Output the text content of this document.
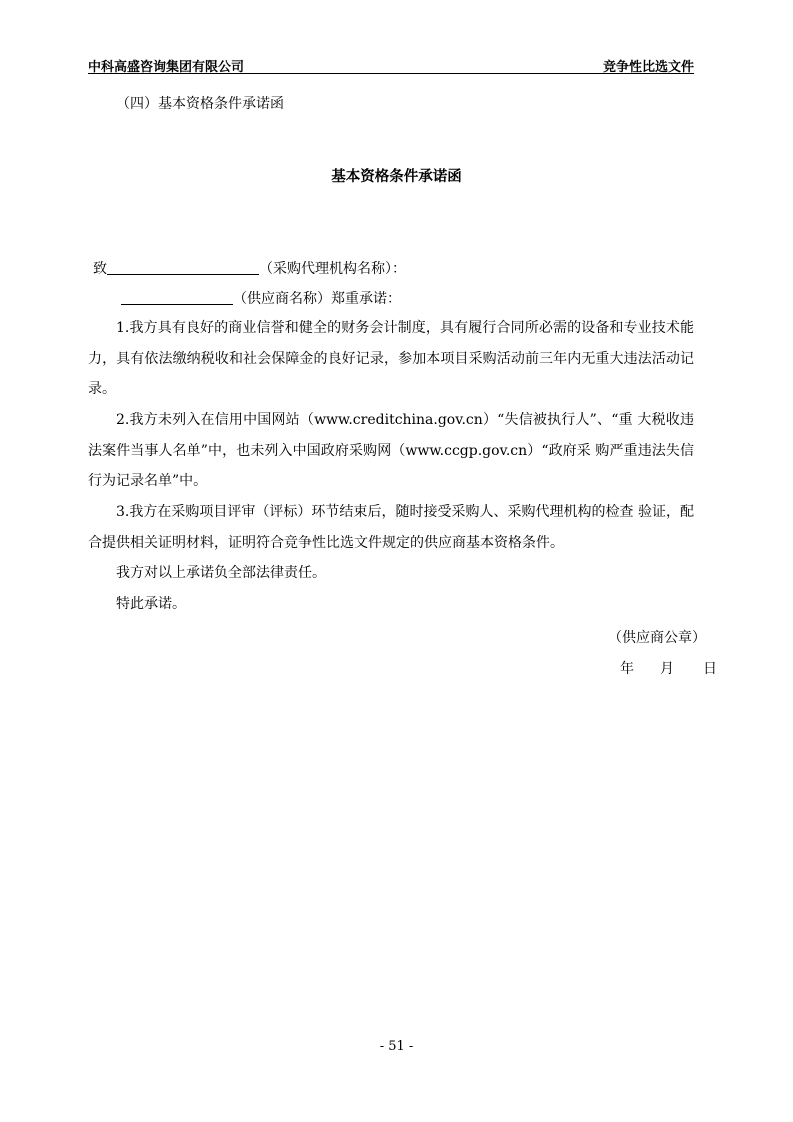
中科高盛咨询集团有限公司	竞争性比选文件
（四）基本资格条件承诺函
基本资格条件承诺函
致	（采购代理机构名称）：
（供应商名称）郑重承诺：
1.我方具有良好的商业信誉和健全的财务会计制度，具有履行合同所必需的设备和专业技术能力，具有依法缴纳税收和社会保障金的良好记录，参加本项目采购活动前三年内无重大违法活动记录。
2.我方未列入在信用中国网站（www.creditchina.gov.cn）“失信被执行人”、“重 大税收违法案件当事人名单”中，也未列入中国政府采购网（www.ccgp.gov.cn）“政府采 购严重违法失信行为记录名单”中。
3.我方在采购项目评审（评标）环节结束后，随时接受采购人、采购代理机构的检查 验证，配合提供相关证明材料，证明符合竞争性比选文件规定的供应商基本资格条件。
我方对以上承诺负全部法律责任。
特此承诺。
（供应商公章）
年 月 日
- 51 -
